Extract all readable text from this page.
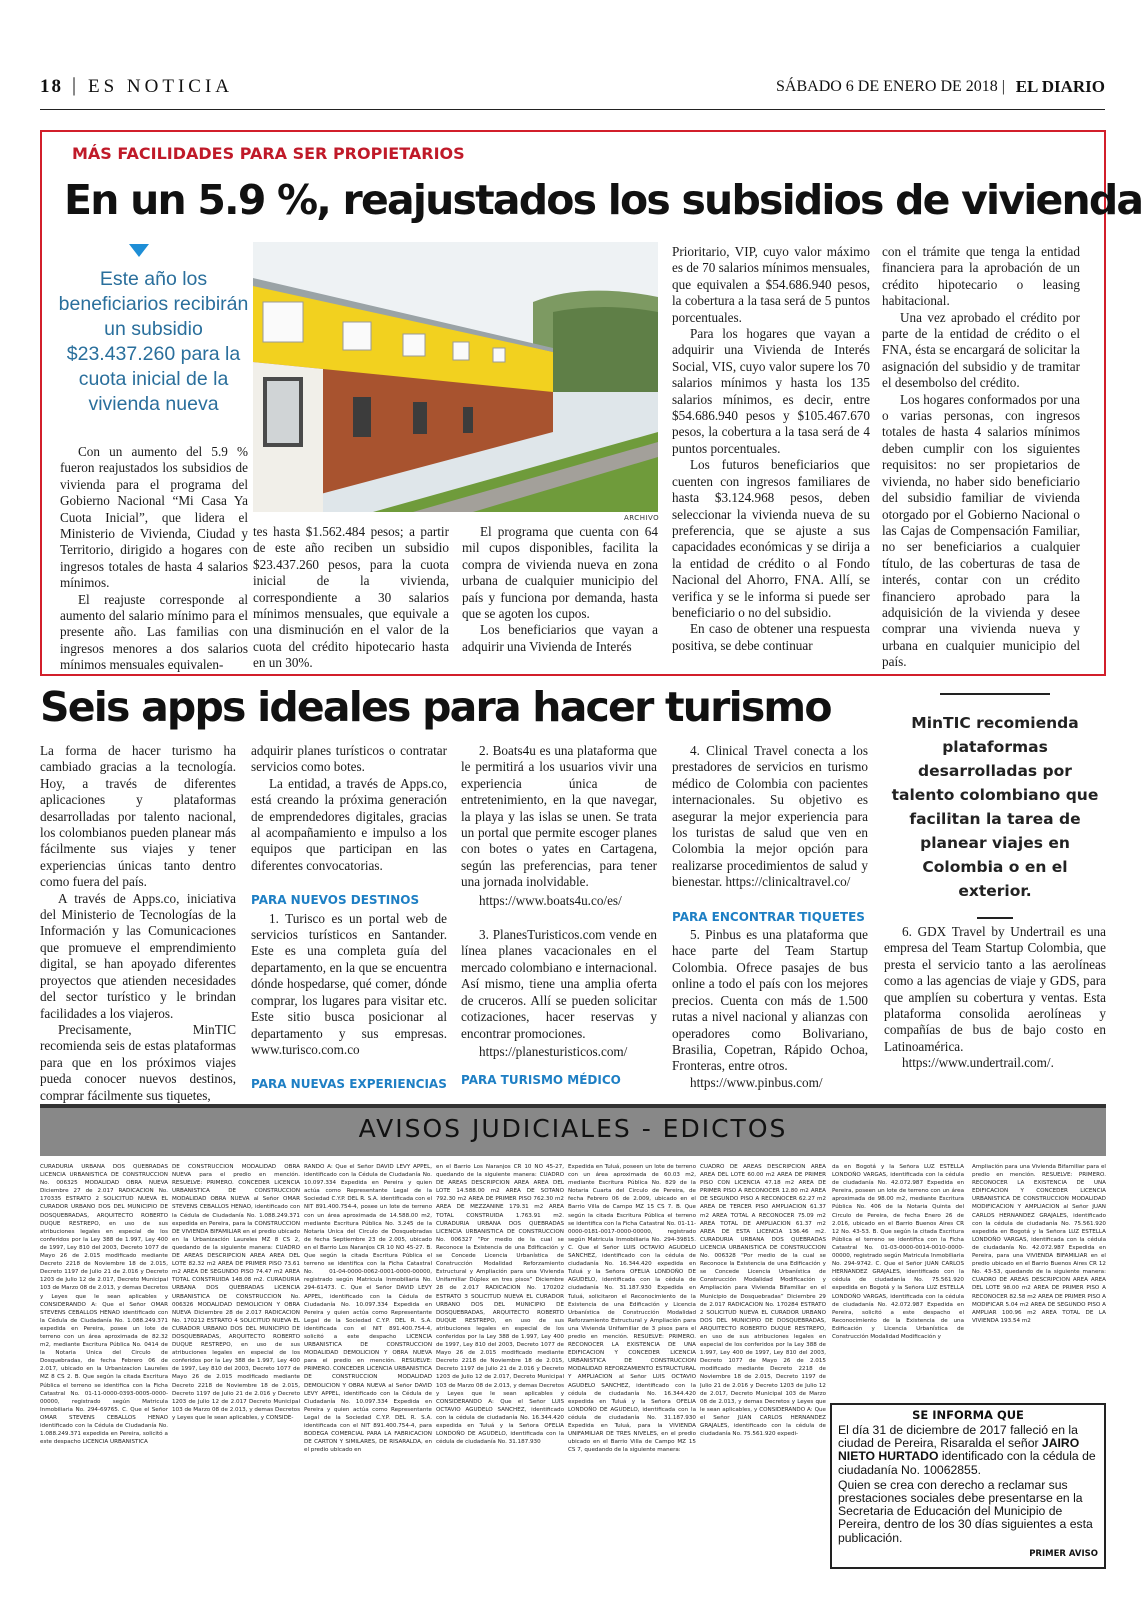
18 | ES NOTICIA	SÁBADO 6 DE ENERO DE 2018 | EL DIARIO
MÁS FACILIDADES PARA SER PROPIETARIOS
En un 5.9 %, reajustados los subsidios de vivienda
Este año los beneficiarios recibirán un subsidio $23.437.260 para la cuota inicial de la vivienda nueva

Con un aumento del 5.9 % fueron reajustados los subsidios de vivienda para el programa del Gobierno Nacional “Mi Casa Ya Cuota Inicial”, que lidera el Ministerio de Vivienda, Ciudad y Territorio, dirigido a hogares con ingresos totales de hasta 4 salarios mínimos.

El reajuste corresponde al aumento del salario mínimo para el presente año. Las familias con ingresos menores a dos salarios mínimos mensuales equivalen-

ARCHIVO

tes hasta $1.562.484 pesos; a partir de este año reciben un subsidio $23.437.260 pesos, para la cuota inicial de la vivienda, correspondiente a 30 salarios mínimos mensuales, que equivale a una disminución en el valor de la cuota del crédito hipotecario hasta en un 30%.

El programa que cuenta con 64 mil cupos disponibles, facilita la compra de vivienda nueva en zona urbana de cualquier municipio del país y funciona por demanda, hasta que se agoten los cupos.

Los beneficiarios que vayan a adquirir una Vivienda de Interés

Prioritario, VIP, cuyo valor máximo es de 70 salarios mínimos mensuales, que equivalen a $54.686.940 pesos, la cobertura a la tasa será de 5 puntos porcentuales.

Para los hogares que vayan a adquirir una Vivienda de Interés Social, VIS, cuyo valor supere los 70 salarios mínimos y hasta los 135 salarios mínimos, es decir, entre $54.686.940 pesos y $105.467.670 pesos, la cobertura a la tasa será de 4 puntos porcentuales.

Los futuros beneficiarios que cuenten con ingresos familiares de hasta $3.124.968 pesos, deben seleccionar la vivienda nueva de su preferencia, que se ajuste a sus capacidades económicas y se dirija a la entidad de crédito o al Fondo Nacional del Ahorro, FNA. Allí, se verifica y se le informa si puede ser beneficiario o no del subsidio.

En caso de obtener una respuesta positiva, se debe continuar

con el trámite que tenga la entidad financiera para la aprobación de un crédito hipotecario o leasing habitacional.

Una vez aprobado el crédito por parte de la entidad de crédito o el FNA, ésta se encargará de solicitar la asignación del subsidio y de tramitar el desembolso del crédito.

Los hogares conformados por una o varias personas, con ingresos totales de hasta 4 salarios mínimos deben cumplir con los siguientes requisitos: no ser propietarios de vivienda, no haber sido beneficiario del subsidio familiar de vivienda otorgado por el Gobierno Nacional o las Cajas de Compensación Familiar, no ser beneficiarios a cualquier título, de las coberturas de tasa de interés, contar con un crédito financiero aprobado para la adquisición de la vivienda y desee comprar una vivienda nueva y urbana en cualquier municipio del país.

Seis apps ideales para hacer turismo	MinTIC recomienda plataformas desarrolladas por talento colombiano que facilitan la tarea de planear viajes en Colombia o en el exterior.

La forma de hacer turismo ha cambiado gracias a la tecnología. Hoy, a través de diferentes aplicaciones y plataformas desarrolladas por talento nacional, los colombianos pueden planear más fácilmente sus viajes y tener experiencias únicas tanto dentro como fuera del país.

A través de Apps.co, iniciativa del Ministerio de Tecnologías de la Información y las Comunicaciones que promueve el emprendimiento digital, se han apoyado diferentes proyectos que atienden necesidades del sector turístico y le brindan facilidades a los viajeros.

Precisamente, MinTIC recomienda seis de estas plataformas para que en los próximos viajes pueda conocer nuevos destinos, comprar fácilmente sus tiquetes,

adquirir planes turísticos o contratar servicios como botes.

La entidad, a través de Apps.co, está creando la próxima generación de emprendedores digitales, gracias al acompañamiento e impulso a los equipos que participan en las diferentes convocatorias.

PARA NUEVOS DESTINOS

1. Turisco es un portal web de servicios turísticos en Santander. Este es una completa guía del departamento, en la que se encuentra dónde hospedarse, qué comer, dónde comprar, los lugares para visitar etc. Este sitio busca posicionar al departamento y sus empresas. www.turisco.com.co

PARA NUEVAS EXPERIENCIAS

2. Boats4u es una plataforma que le permitirá a los usuarios vivir una experiencia única de entretenimiento, en la que navegar, la playa y las islas se unen. Se trata un portal que permite escoger planes con botes o yates en Cartagena, según las preferencias, para tener una jornada inolvidable.

https://www.boats4u.co/es/

3. PlanesTuristicos.com vende en línea planes vacacionales en el mercado colombiano e internacional. Así mismo, tiene una amplia oferta de cruceros. Allí se pueden solicitar cotizaciones, hacer reservas y encontrar promociones.

https://planesturisticos.com/

PARA TURISMO MÉDICO

4. Clinical Travel conecta a los prestadores de servicios en turismo médico de Colombia con pacientes internacionales. Su objetivo es asegurar la mejor experiencia para los turistas de salud que ven en Colombia la mejor opción para realizarse procedimientos de salud y bienestar. https://clinicaltravel.co/

PARA ENCONTRAR TIQUETES

5. Pinbus es una plataforma que hace parte del Team Startup Colombia. Ofrece pasajes de bus online a todo el país con los mejores precios. Cuenta con más de 1.500 rutas a nivel nacional y alianzas con operadores como Bolivariano, Brasilia, Copetran, Rápido Ochoa, Fronteras, entre otros.

https://www.pinbus.com/

6. GDX Travel by Undertrail es una empresa del Team Startup Colombia, que presta el servicio tanto a las aerolíneas como a las agencias de viaje y GDS, para que amplíen su cobertura y ventas. Esta plataforma consolida aerolíneas y compañías de bus de bajo costo en Latinoamérica.

https://www.undertrail.com/.

AVISOS JUDICIALES - EDICTOS
CURADURIA URBANA DOS QUEBRADAS LICENCIA URBANISTICA DE CONSTRUCCION No. 006325 MODALIDAD OBRA NUEVA Diciembre 27 de 2.017 RADICACION No. 170335 ESTRATO 2 SOLICITUD NUEVA EL CURADOR URBANO DOS DEL MUNICIPIO DE DOSQUEBRADAS, ARQUITECTO ROBERTO DUQUE RESTREPO, en uso de sus atribuciones legales en especial de los conferidos por la Ley 388 de 1.997, Ley 400 de 1997, Ley 810 del 2003, Decreto 1077 de Mayo 26 de 2.015 modificado mediante Decreto 2218 de Noviembre 18 de 2.015, Decreto 1197 de Julio 21 de 2.016 y Decreto 1203 de Julio 12 de 2.017, Decreto Municipal 103 de Marzo 08 de 2.013, y demas Decretos y Leyes que le sean aplicables y CONSIDERANDO A: Que el Señor OMAR STEVENS CEBALLOS HENAO identificado con la Cédula de Ciudadanía No. 1.088.249.371 expedida en Pereira, posee un lote de terreno con un área aproximada de 82.32 m2, mediante Escritura Pública No. 0414 de la Notaria Unica del Circulo de Dosquebradas, de fecha Febrero 06 de 2.017, ubicado en la Urbanizacion Laureles MZ 8 CS 2. B. Que según la citada Escritura Pública el terreno se identifica con la Ficha Catastral No. 01-11-0000-0393-0005-0000-00000, registrado según Matricula Inmobiliaria No. 294-69765. C. Que el Señor OMAR STEVENS CEBALLOS HENAO identificado con la Cédula de Ciudadanía No. 1.088.249.371 expedida en Pereira, solicitó a este despacho LICENCIA URBANISTICA
DE CONSTRUCCION MODALIDAD OBRA NUEVA para el predio en mención. RESUELVE: PRIMERO. CONCEDER LICENCIA URBANISTICA DE CONSTRUCCION MODALIDAD OBRA NUEVA al Señor OMAR STEVENS CEBALLOS HENAO, identificado con la Cédula de Ciudadanía No. 1.088.249.371 expedida en Pereira, para la CONSTRUCCION DE VIVIENDA BIFAMILIAR en el predio ubicado en la Urbanización Laureles MZ 8 CS 2, quedando de la siguiente manera: CUADRO DE AREAS DESCRIPCION AREA AREA DEL LOTE 82.32 m2 AREA DE PRIMER PISO 73.61 m2 AREA DE SEGUNDO PISO 74.47 m2 AREA TOTAL CONSTRUIDA 148.08 m2. CURADURIA URBANA DOS QUEBRADAS LICENCIA URBANISTICA DE CONSTRUCCION No. 006326 MODALIDAD DEMOLICION Y OBRA NUEVA Diciembre 28 de 2.017 RADICACION No. 170212 ESTRATO 4 SOLICITUD NUEVA EL CURADOR URBANO DOS DEL MUNICIPIO DE DOSQUEBRADAS, ARQUITECTO ROBERTO DUQUE RESTREPO, en uso de sus atribuciones legales en especial de los conferidos por la Ley 388 de 1.997, Ley 400 de 1997, Ley 810 del 2003, Decreto 1077 de Mayo 26 de 2.015 modificado mediante Decreto 2218 de Noviembre 18 de 2.015, Decreto 1197 de Julio 21 de 2.016 y Decreto 1203 de Julio 12 de 2.017 Decreto Municipal 103 de Marzo 08 de 2.013, y demas Decretos y Leyes que le sean aplicables, y CONSIDE-
RANDO A: Que el Señor DAVID LEVY APPEL, identificado con la Cédula de Ciudadanía No. 10.097.334 Expedida en Pereira y quien actúa como Representante Legal de la Sociedad C.Y.P. DEL R. S.A. identificada con el NIT 891.400.754-4, posee un lote de terreno con un área aproximada de 14.588.00 m2, mediante Escritura Pública No. 3.245 de la Notaria Unica del Circulo de Dosquebradas de fecha Septiembre 23 de 2.005, ubicado en el Barrio Los Naranjos CR 10 NO 45-27. B. Que según la citada Escritura Pública el terreno se identifica con la Ficha Catastral No. 01-04-0000-0062-0001-0000-00000, registrado según Matricula Inmobiliaria No. 294-61473. C. Que el Señor DAVID LEVY APPEL, identificado con la Cédula de Ciudadanía No. 10.097.334 Expedida en Pereira y quien actúa como Representante Legal de la Sociedad C.Y.P. DEL R. S.A. identificada con el NIT 891.400.754-4, solicitó a este despacho LICENCIA URBANISTICA DE CONSTRUCCION MODALIDAD DEMOLICION Y OBRA NUEVA para el predio en mención. RESUELVE: PRIMERO. CONCEDER LICENCIA URBANISTICA DE CONSTRUCCION MODALIDAD DEMOLICION Y OBRA NUEVA al Señor DAVID LEVY APPEL, identificado con la Cédula de Ciudadanía No. 10.097.334 Expedida en Pereira y quien actúa como Representante Legal de la Sociedad C.Y.P. DEL R. S.A. identificada con el NIT 891.400.754-4, para BODEGA COMERCIAL PARA LA FABRICACION DE CARTON Y SIMILARES, DE RISARALDA, en el predio ubicado en
en el Barrio Los Naranjos CR 10 NO 45-27, quedando de la siguiente manera: CUADRO DE AREAS DESCRIPCION AREA AREA DEL LOTE 14.588.00 m2 AREA DE SOTANO 792.30 m2 AREA DE PRIMER PISO 762.30 m2 AREA DE MEZZANINE 179.31 m2 AREA TOTAL CONSTRUIDA 1.763.91 m2. CURADURIA URBANA DOS QUEBRADAS LICENCIA URBANISTICA DE CONSTRUCCION No. 006327 “Por medio de la cual se Reconoce la Existencia de una Edificación y se Concede Licencia Urbanística de Construcción Modalidad Reforzamiento Estructural y Ampliación para una Vivienda Unifamiliar Dúplex en tres pisos” Diciembre 28 de 2.017 RADICACION No. 170202 ESTRATO 3 SOLICITUD NUEVA EL CURADOR URBANO DOS DEL MUNICIPIO DE DOSQUEBRADAS, ARQUITECTO ROBERTO DUQUE RESTREPO, en uso de sus atribuciones legales en especial de los conferidos por la Ley 388 de 1.997, Ley 400 de 1997, Ley 810 del 2003, Decreto 1077 de Mayo 26 de 2.015 modificado mediante Decreto 2218 de Noviembre 18 de 2.015, Decreto 1197 de Julio 21 de 2.016 y Decreto 1203 de Julio 12 de 2.017, Decreto Municipal 103 de Marzo 08 de 2.013, y demas Decretos y Leyes que le sean aplicables y CONSIDERANDO A: Que el Señor LUIS OCTAVIO AGUDELO SANCHEZ, identificado con la cédula de ciudadanía No. 16.344.420 expedida en Tuluá y la Señora OFELIA LONDOÑO DE AGUDELO, identificada con la cédula de ciudadanía No. 31.187.930
Expedida en Tuluá, poseen un lote de terreno con un área aproximada de 60.03 m2, mediante Escritura Pública No. 829 de la Notaria Cuarta del Circulo de Pereira, de fecha Febrero 06 de 2.009, ubicado en el Barrio Villa de Campo MZ 15 CS 7. B. Que según la citada Escritura Pública el terreno se identifica con la Ficha Catastral No. 01-11-0000-0181-0017-0000-00000, registrado según Matricula Inmobiliaria No. 294-39815. C. Que el Señor LUIS OCTAVIO AGUDELO SANCHEZ, identificado con la cédula de ciudadanía No. 16.344.420 expedida en Tuluá y la Señora OFELIA LONDOÑO DE AGUDELO, identificada con la cédula de ciudadanía No. 31.187.930 Expedida en Tuluá, solicitaron el Reconocimiento de la Existencia de una Edificación y Licencia Urbanística de Construcción Modalidad Reforzamiento Estructural y Ampliación para una Vivienda Unifamiliar de 3 pisos para el predio en mención. RESUELVE: PRIMERO. RECONOCER LA EXISTENCIA DE UNA EDIFICACION Y CONCEDER LICENCIA URBANISTICA DE CONSTRUCCION MODALIDAD REFORZAMIENTO ESTRUCTURAL Y AMPLIACION al Señor LUIS OCTAVIO AGUDELO SANCHEZ, identificado con la cédula de ciudadanía No. 16.344.420 expedida en Tuluá y la Señora OFELIA LONDOÑO DE AGUDELO, identificada con la cédula de ciudadanía No. 31.187.930 Expedida en Tuluá, para la VIVIENDA UNIFAMILIAR DE TRES NIVELES, en el predio ubicado en el Barrio Villa de Campo MZ 15 CS 7, quedando de la siguiente manera:
CUADRO DE AREAS DESCRIPCION AREA AREA DEL LOTE 60.00 m2 AREA DE PRIMER PISO CON LICENCIA 47.18 m2 AREA DE PRIMER PISO A RECONOCER 12.80 m2 AREA DE SEGUNDO PISO A RECONOCER 62.27 m2 AREA DE TERCER PISO AMPLIACION 61.37 m2 AREA TOTAL A RECONOCER 75.09 m2 AREA TOTAL DE AMPLIACION 61.37 m2 AREA DE ESTA LICENCIA 136.46 m2. CURADURIA URBANA DOS QUEBRADAS LICENCIA URBANISTICA DE CONSTRUCCION No. 006328 “Por medio de la cual se Reconoce la Existencia de una Edificación y se Concede Licencia Urbanística de Construcción Modalidad Modificación y Ampliación para Vivienda Bifamiliar en el Municipio de Dosquebradas” Diciembre 29 de 2.017 RADICACION No. 170284 ESTRATO 2 SOLICITUD NUEVA EL CURADOR URBANO DOS DEL MUNICIPIO DE DOSQUEBRADAS, ARQUITECTO ROBERTO DUQUE RESTREPO, en uso de sus atribuciones legales en especial de los conferidos por la Ley 388 de 1.997, Ley 400 de 1997, Ley 810 del 2003, Decreto 1077 de Mayo 26 de 2.015 modificado mediante Decreto 2218 de Noviembre 18 de 2.015, Decreto 1197 de Julio 21 de 2.016 y Decreto 1203 de Julio 12 de 2.017, Decreto Municipal 103 de Marzo 08 de 2.013, y demas Decretos y Leyes que le sean aplicables, y CONSIDERANDO A: Que el Señor JUAN CARLOS HERNANDEZ GRAJALES, identificado con la cédula de ciudadanía No. 75.561.920 expedi-
da en Bogotá y la Señora LUZ ESTELLA LONDOÑO VARGAS, identificada con la cédula de ciudadanía No. 42.072.987 Expedida en Pereira, poseen un lote de terreno con un área aproximada de 98.00 m2, mediante Escritura Pública No. 406 de la Notaria Quinta del Circulo de Pereira, de fecha Enero 26 de 2.016, ubicado en el Barrio Buenos Aires CR 12 No. 43-53. B. Que según la citada Escritura Pública el terreno se identifica con la Ficha Catastral No. 01-03-0000-0014-0010-0000-00000, registrado según Matricula Inmobiliaria No. 294-9742. C. Que el Señor JUAN CARLOS HERNANDEZ GRAJALES, identificado con la cédula de ciudadanía No. 75.561.920 expedida en Bogotá y la Señora LUZ ESTELLA LONDOÑO VARGAS, identificada con la cédula de ciudadanía No. 42.072.987 Expedida en Pereira, solicitó a este despacho el Reconocimiento de la Existencia de una Edificación y Licencia Urbanística de Construcción Modalidad Modificación y
Ampliación para una Vivienda Bifamiliar para el predio en mención. RESUELVE: PRIMERO. RECONOCER LA EXISTENCIA DE UNA EDIFICACION Y CONCEDER LICENCIA URBANISTICA DE CONSTRUCCION MODALIDAD MODIFICACION Y AMPLIACION al Señor JUAN CARLOS HERNANDEZ GRAJALES, identificado con la cédula de ciudadanía No. 75.561.920 expedida en Bogotá y la Señora LUZ ESTELLA LONDOÑO VARGAS, identificada con la cédula de ciudadanía No. 42.072.987 Expedida en Pereira, para una VIVIENDA BIFAMILIAR en el predio ubicado en el Barrio Buenos Aires CR 12 No. 43-53, quedando de la siguiente manera: CUADRO DE AREAS DESCRIPCION AREA AREA DEL LOTE 98.00 m2 AREA DE PRIMER PISO A RECONOCER 82.58 m2 AREA DE PRIMER PISO A MODIFICAR 5.04 m2 AREA DE SEGUNDO PISO A AMPLIAR 100.96 m2 AREA TOTAL DE LA VIVIENDA 193.54 m2
SE INFORMA QUE
El día 31 de diciembre de 2017 falleció en la ciudad de Pereira, Risaralda el señor JAIRO NIETO HURTADO identificado con la cédula de ciudadanía No. 10062855.
Quien se crea con derecho a reclamar sus prestaciones sociales debe presentarse en la Secretaria de Educación del Municipio de Pereira, dentro de los 30 días siguientes a esta publicación.
PRIMER AVISO
